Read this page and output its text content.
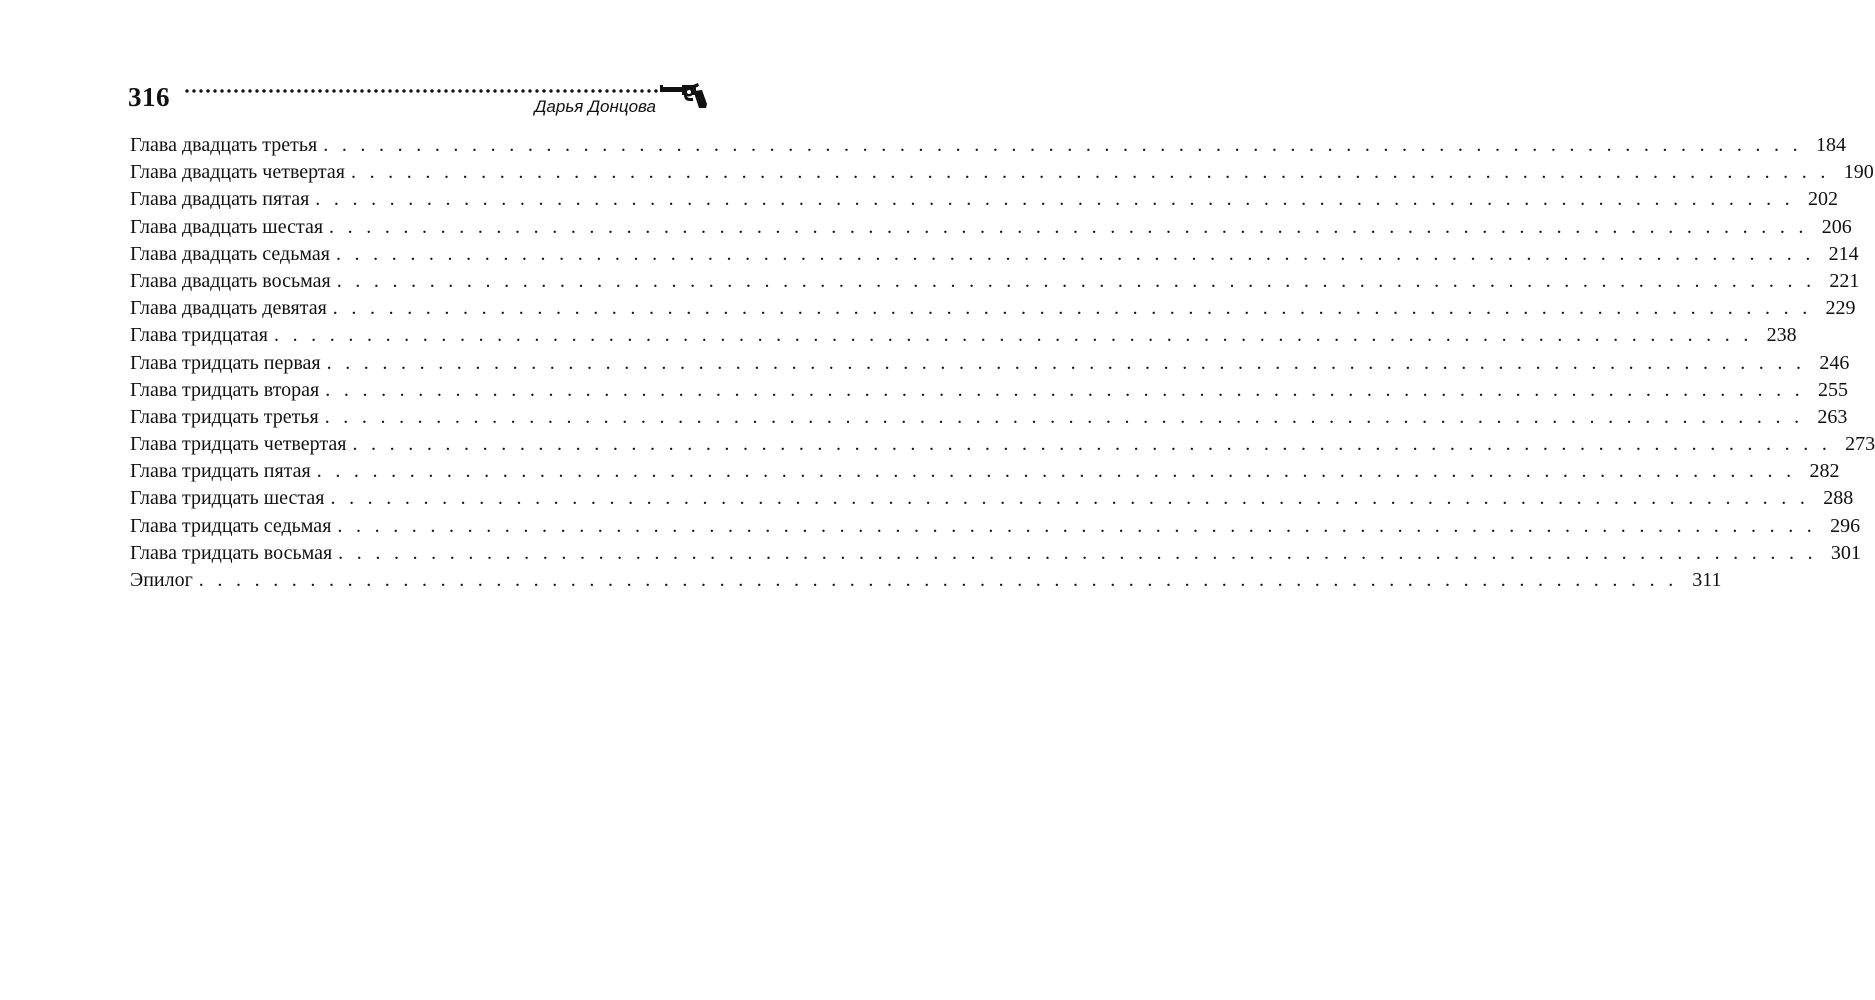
316	Дарья Донцова
Глава двадцать третья . . . . . . . . . . . . . . . . . . . . . . . . . . . . . . . . . . . . . . . . . . . . . . . . . . . . . . . . . . . . . . . . . . . . . . . . . . . . . . . . 184
Глава двадцать четвертая . . . . . . . . . . . . . . . . . . . . . . . . . . . . . . . . . . . . . . . . . . . . . . . . . . . . . . . . . . . . . . . . . . . . . . . . . . . . . . . . 190
Глава двадцать пятая . . . . . . . . . . . . . . . . . . . . . . . . . . . . . . . . . . . . . . . . . . . . . . . . . . . . . . . . . . . . . . . . . . . . . . . . . . . . . . . . 202
Глава двадцать шестая . . . . . . . . . . . . . . . . . . . . . . . . . . . . . . . . . . . . . . . . . . . . . . . . . . . . . . . . . . . . . . . . . . . . . . . . . . . . . . . . 206
Глава двадцать седьмая . . . . . . . . . . . . . . . . . . . . . . . . . . . . . . . . . . . . . . . . . . . . . . . . . . . . . . . . . . . . . . . . . . . . . . . . . . . . . . . . 214
Глава двадцать восьмая . . . . . . . . . . . . . . . . . . . . . . . . . . . . . . . . . . . . . . . . . . . . . . . . . . . . . . . . . . . . . . . . . . . . . . . . . . . . . . . . 221
Глава двадцать девятая . . . . . . . . . . . . . . . . . . . . . . . . . . . . . . . . . . . . . . . . . . . . . . . . . . . . . . . . . . . . . . . . . . . . . . . . . . . . . . . . 229
Глава тридцатая . . . . . . . . . . . . . . . . . . . . . . . . . . . . . . . . . . . . . . . . . . . . . . . . . . . . . . . . . . . . . . . . . . . . . . . . . . . . . . . . 238
Глава тридцать первая . . . . . . . . . . . . . . . . . . . . . . . . . . . . . . . . . . . . . . . . . . . . . . . . . . . . . . . . . . . . . . . . . . . . . . . . . . . . . . . . 246
Глава тридцать вторая . . . . . . . . . . . . . . . . . . . . . . . . . . . . . . . . . . . . . . . . . . . . . . . . . . . . . . . . . . . . . . . . . . . . . . . . . . . . . . . . 255
Глава тридцать третья . . . . . . . . . . . . . . . . . . . . . . . . . . . . . . . . . . . . . . . . . . . . . . . . . . . . . . . . . . . . . . . . . . . . . . . . . . . . . . . . 263
Глава тридцать четвертая . . . . . . . . . . . . . . . . . . . . . . . . . . . . . . . . . . . . . . . . . . . . . . . . . . . . . . . . . . . . . . . . . . . . . . . . . . . . . . . . 273
Глава тридцать пятая . . . . . . . . . . . . . . . . . . . . . . . . . . . . . . . . . . . . . . . . . . . . . . . . . . . . . . . . . . . . . . . . . . . . . . . . . . . . . . . . 282
Глава тридцать шестая . . . . . . . . . . . . . . . . . . . . . . . . . . . . . . . . . . . . . . . . . . . . . . . . . . . . . . . . . . . . . . . . . . . . . . . . . . . . . . . . 288
Глава тридцать седьмая . . . . . . . . . . . . . . . . . . . . . . . . . . . . . . . . . . . . . . . . . . . . . . . . . . . . . . . . . . . . . . . . . . . . . . . . . . . . . . . . 296
Глава тридцать восьмая . . . . . . . . . . . . . . . . . . . . . . . . . . . . . . . . . . . . . . . . . . . . . . . . . . . . . . . . . . . . . . . . . . . . . . . . . . . . . . . . 301
Эпилог . . . . . . . . . . . . . . . . . . . . . . . . . . . . . . . . . . . . . . . . . . . . . . . . . . . . . . . . . . . . . . . . . . . . . . . . . . . . . . . . 311
